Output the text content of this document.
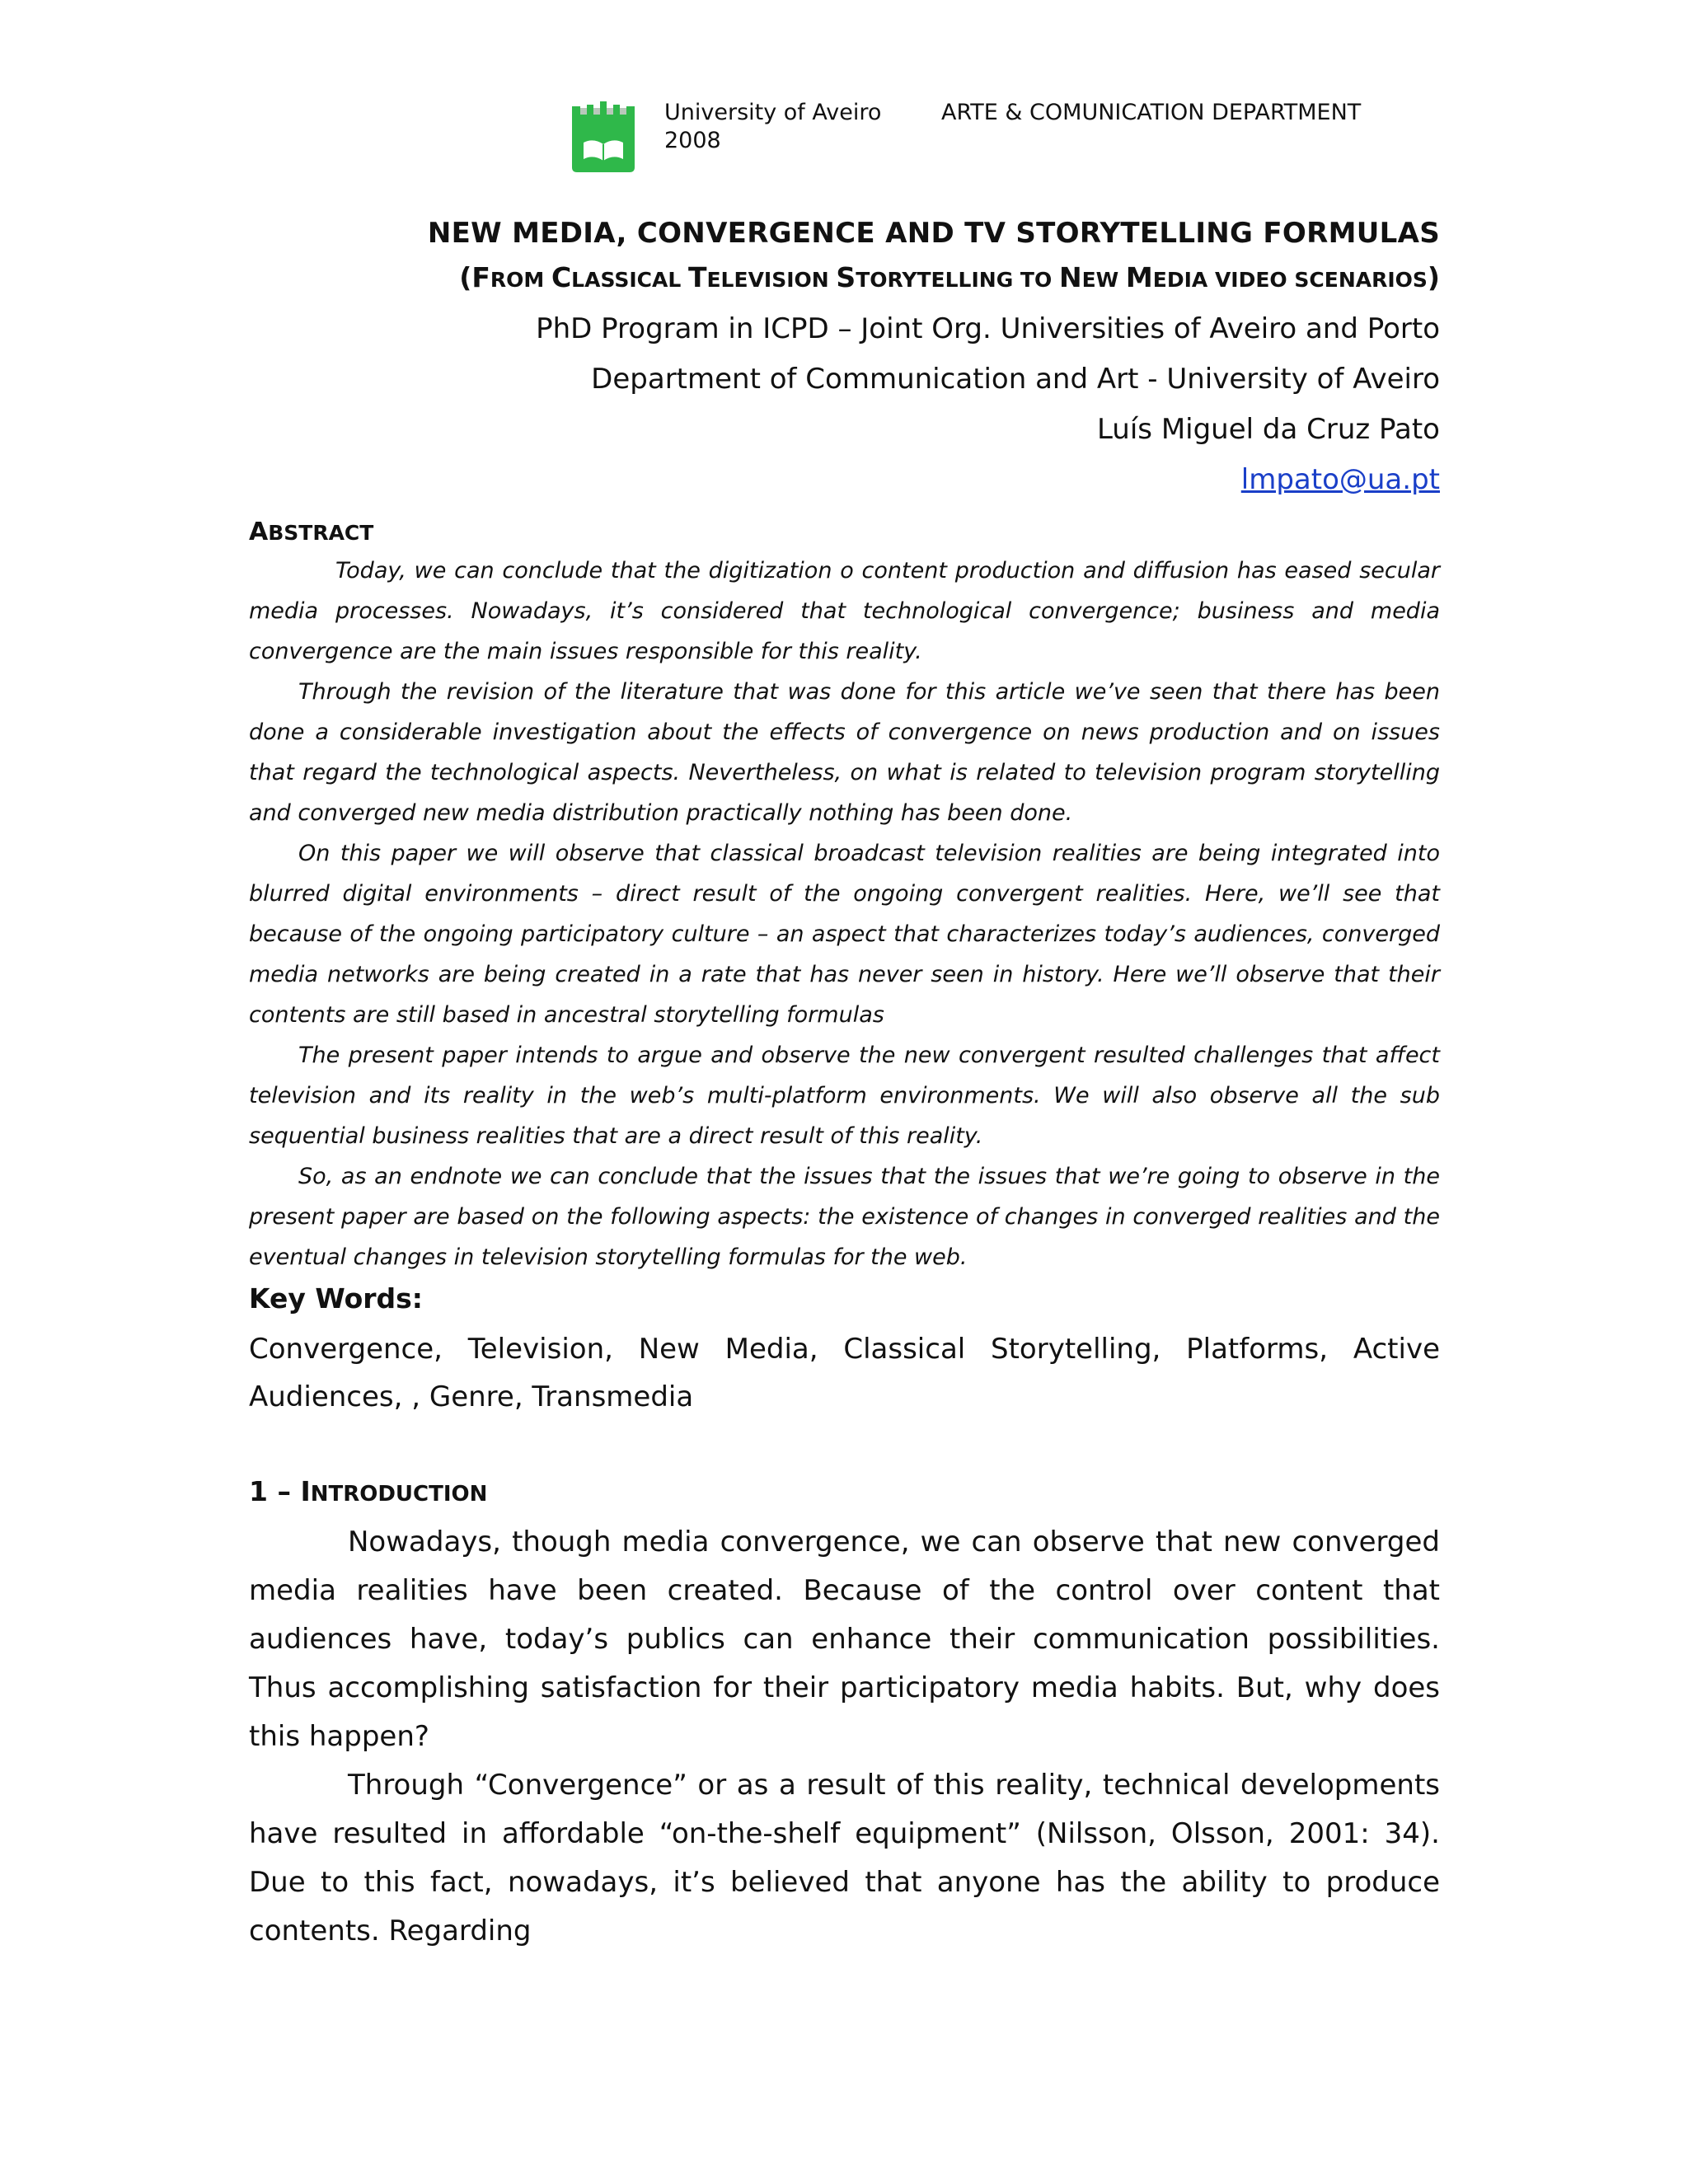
University of Aveiro	ARTE & COMUNICATION DEPARTMENT
2008

NEW MEDIA, CONVERGENCE AND TV STORYTELLING FORMULAS

(FROM CLASSICAL TELEVISION STORYTELLING TO NEW MEDIA VIDEO SCENARIOS)

PhD Program in ICPD – Joint Org. Universities of Aveiro and Porto

Department of Communication and Art - University of Aveiro

Luís Miguel da Cruz Pato

lmpato@ua.pt

ABSTRACT

Today, we can conclude that the digitization o content production and diffusion has eased secular media processes. Nowadays, it’s considered that technological convergence; business and media convergence are the main issues responsible for this reality.

Through the revision of the literature that was done for this article we’ve seen that there has been done a considerable investigation about the effects of convergence on news production and on issues that regard the technological aspects. Nevertheless, on what is related to television program storytelling and converged new media distribution practically nothing has been done.

On this paper we will observe that classical broadcast television realities are being integrated into blurred digital environments – direct result of the ongoing convergent realities. Here, we’ll see that because of the ongoing participatory culture – an aspect that characterizes today’s audiences, converged media networks are being created in a rate that has never seen in history. Here we’ll observe that their contents are still based in ancestral storytelling formulas

The present paper intends to argue and observe the new convergent resulted challenges that affect television and its reality in the web’s multi-platform environments. We will also observe all the sub sequential business realities that are a direct result of this reality.

So, as an endnote we can conclude that the issues that the issues that we’re going to observe in the present paper are based on the following aspects: the existence of changes in converged realities and the eventual changes in television storytelling formulas for the web.

Key Words:
Convergence, Television, New Media, Classical Storytelling, Platforms, Active Audiences, , Genre, Transmedia
1 – INTRODUCTION

Nowadays, though media convergence, we can observe that new converged media realities have been created. Because of the control over content that audiences have, today’s publics can enhance their communication possibilities. Thus accomplishing satisfaction for their participatory media habits. But, why does this happen?

Through “Convergence” or as a result of this reality, technical developments have resulted in affordable “on-the-shelf equipment” (Nilsson, Olsson, 2001: 34). Due to this fact, nowadays, it’s believed that anyone has the ability to produce contents. Regarding
